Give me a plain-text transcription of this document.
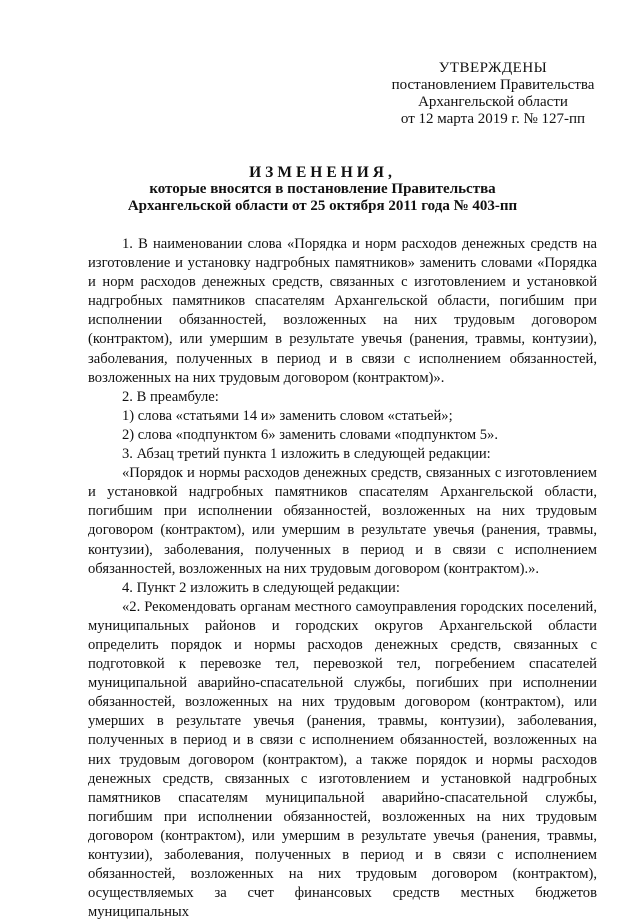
УТВЕРЖДЕНЫ
постановлением Правительства
Архангельской области
от 12 марта 2019 г. № 127-пп
ИЗМЕНЕНИЯ,
которые вносятся в постановление Правительства
Архангельской области от 25 октября 2011 года № 403-пп

1. В наименовании слова «Порядка и норм расходов денежных средств на изготовление и установку надгробных памятников» заменить словами «Порядка и норм расходов денежных средств, связанных с изготовлением и установкой надгробных памятников спасателям Архангельской области, погибшим при исполнении обязанностей, возложенных на них трудовым договором (контрактом), или умершим в результате увечья (ранения, травмы, контузии), заболевания, полученных в период и в связи с исполнением обязанностей, возложенных на них трудовым договором (контрактом)».

2. В преамбуле:

1) слова «статьями 14 и» заменить словом «статьей»;

2) слова «подпунктом 6» заменить словами «подпунктом 5».

3. Абзац третий пункта 1 изложить в следующей редакции:

«Порядок и нормы расходов денежных средств, связанных с изготовлением и установкой надгробных памятников спасателям Архангельской области, погибшим при исполнении обязанностей, возложенных на них трудовым договором (контрактом), или умершим в результате увечья (ранения, травмы, контузии), заболевания, полученных в период и в связи с исполнением обязанностей, возложенных на них трудовым договором (контрактом).».

4. Пункт 2 изложить в следующей редакции:

«2. Рекомендовать органам местного самоуправления городских поселений, муниципальных районов и городских округов Архангельской области определить порядок и нормы расходов денежных средств, связанных с подготовкой к перевозке тел, перевозкой тел, погребением спасателей муниципальной аварийно-спасательной службы, погибших при исполнении обязанностей, возложенных на них трудовым договором (контрактом), или умерших в результате увечья (ранения, травмы, контузии), заболевания, полученных в период и в связи с исполнением обязанностей, возложенных на них трудовым договором (контрактом), а также порядок и нормы расходов денежных средств, связанных с изготовлением и установкой надгробных памятников спасателям муниципальной аварийно-спасательной службы, погибшим при исполнении обязанностей, возложенных на них трудовым договором (контрактом), или умершим в результате увечья (ранения, травмы, контузии), заболевания, полученных в период и в связи с исполнением обязанностей, возложенных на них трудовым договором (контрактом), осуществляемых за счет финансовых средств местных бюджетов муниципальных
